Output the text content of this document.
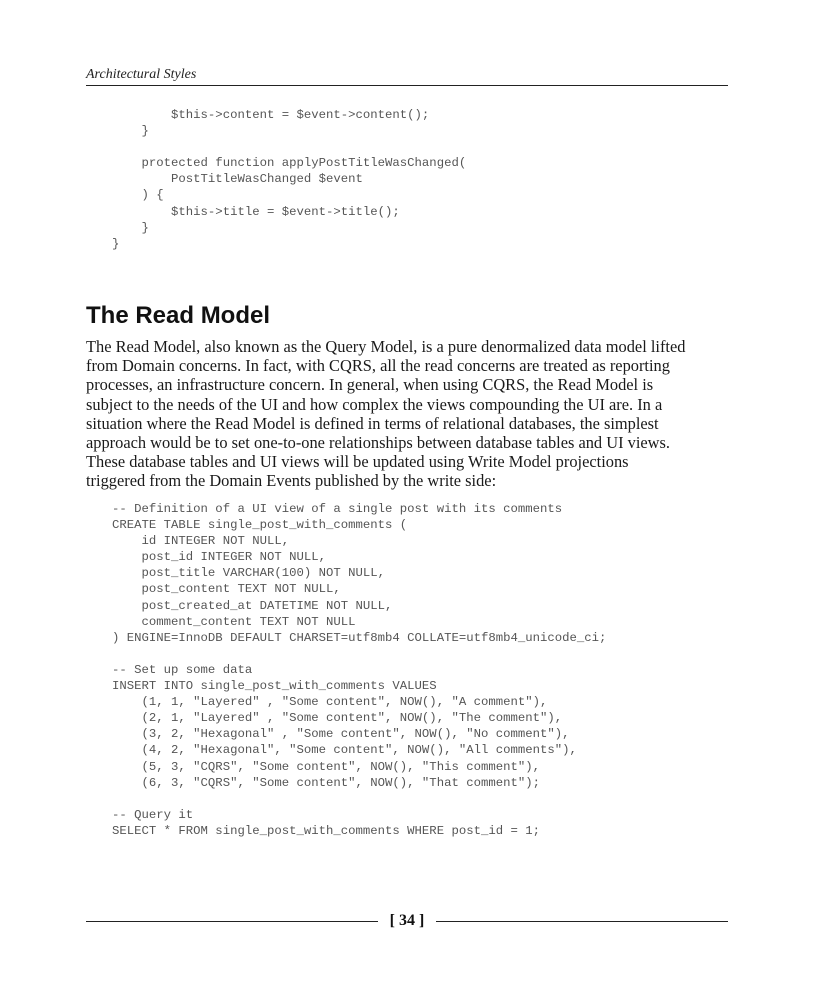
Architectural Styles
$this->content = $event->content();
}
protected function applyPostTitleWasChanged(
PostTitleWasChanged $event
) {
$this->title = $event->title();
}
}
The Read Model

The Read Model, also known as the Query Model, is a pure denormalized data model lifted
from Domain concerns. In fact, with CQRS, all the read concerns are treated as reporting
processes, an infrastructure concern. In general, when using CQRS, the Read Model is
subject to the needs of the UI and how complex the views compounding the UI are. In a
situation where the Read Model is defined in terms of relational databases, the simplest
approach would be to set one-to-one relationships between database tables and UI views.
These database tables and UI views will be updated using Write Model projections
triggered from the Domain Events published by the write side:

-- Definition of a UI view of a single post with its comments
CREATE TABLE single_post_with_comments (
id INTEGER NOT NULL,
post_id INTEGER NOT NULL,
post_title VARCHAR(100) NOT NULL,
post_content TEXT NOT NULL,
post_created_at DATETIME NOT NULL,
comment_content TEXT NOT NULL
) ENGINE=InnoDB DEFAULT CHARSET=utf8mb4 COLLATE=utf8mb4_unicode_ci;
-- Set up some data
INSERT INTO single_post_with_comments VALUES
(1, 1, "Layered" , "Some content", NOW(), "A comment"),
(2, 1, "Layered" , "Some content", NOW(), "The comment"),
(3, 2, "Hexagonal" , "Some content", NOW(), "No comment"),
(4, 2, "Hexagonal", "Some content", NOW(), "All comments"),
(5, 3, "CQRS", "Some content", NOW(), "This comment"),
(6, 3, "CQRS", "Some content", NOW(), "That comment");
-- Query it
SELECT * FROM single_post_with_comments WHERE post_id = 1;
[ 34 ]
